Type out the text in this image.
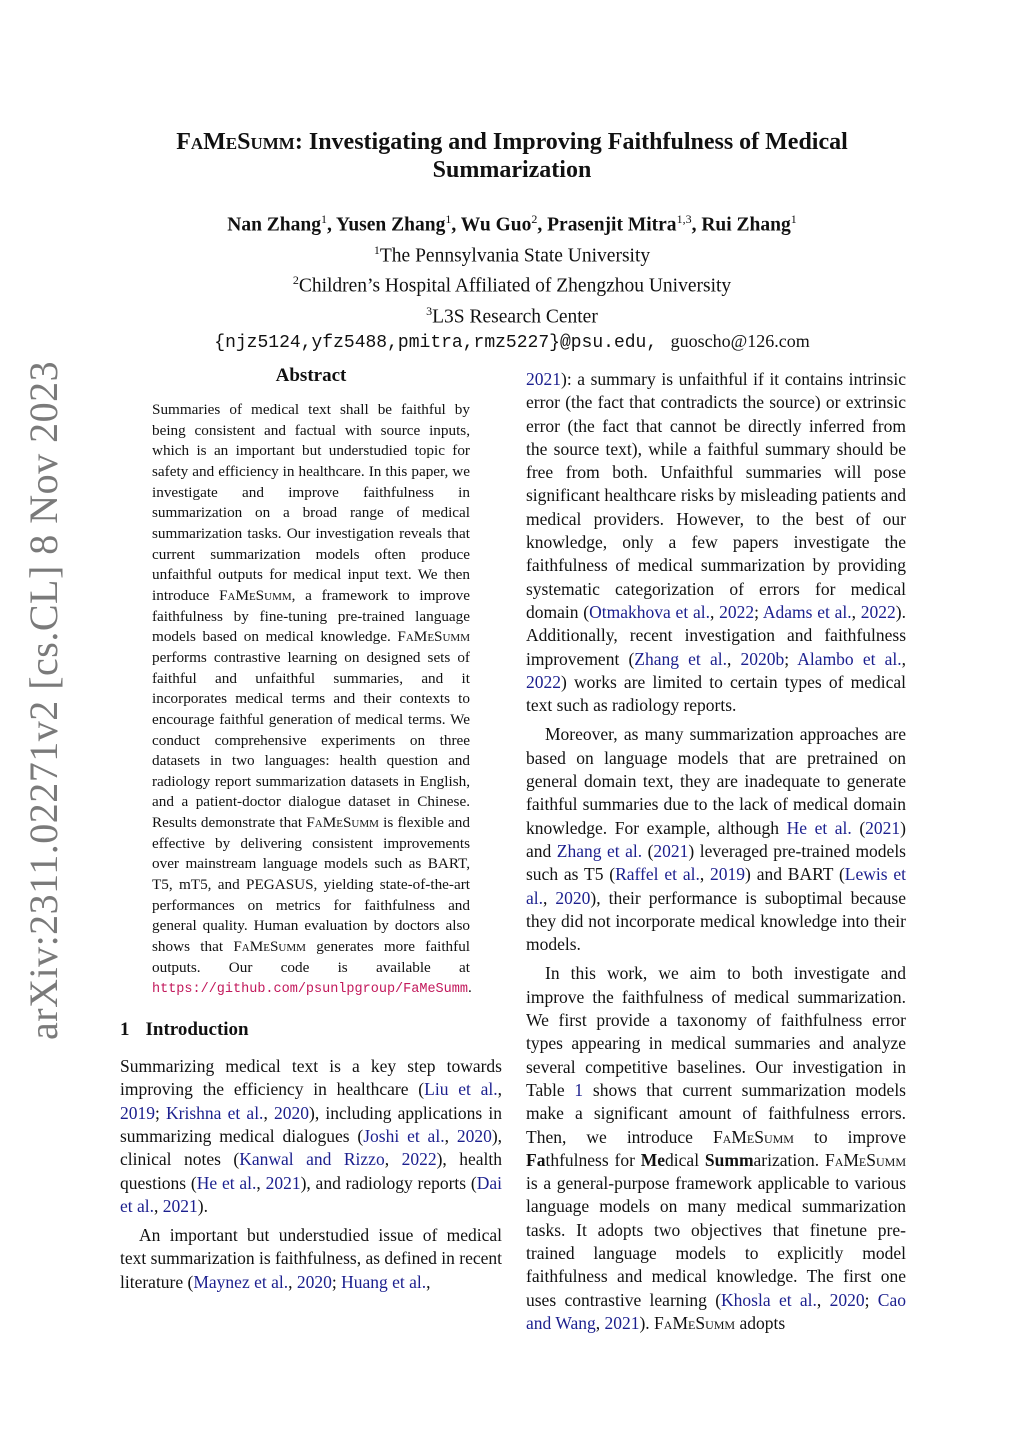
arXiv:2311.02271v2 [cs.CL] 8 Nov 2023
FaMeSumm: Investigating and Improving Faithfulness of Medical Summarization
Nan Zhang$^1$, Yusen Zhang$^1$, Wu Guo$^2$, Prasenjit Mitra$^{1,3}$, Rui Zhang$^1$
$^1$The Pennsylvania State University
$^2$Children’s Hospital Affiliated of Zhengzhou University
$^3$L3S Research Center
{njz5124,yfz5488,pmitra,rmz5227}@psu.edu, guoscho@126.com
Abstract
Summaries of medical text shall be faithful by being consistent and factual with source inputs, which is an important but understudied topic for safety and efficiency in healthcare. In this paper, we investigate and improve faithfulness in summarization on a broad range of medical summarization tasks. Our investigation reveals that current summarization models often produce unfaithful outputs for medical input text. We then introduce FaMeSumm, a framework to improve faithfulness by fine-tuning pre-trained language models based on medical knowledge. FaMeSumm performs contrastive learning on designed sets of faithful and unfaithful summaries, and it incorporates medical terms and their contexts to encourage faithful generation of medical terms. We conduct comprehensive experiments on three datasets in two languages: health question and radiology report summarization datasets in English, and a patient-doctor dialogue dataset in Chinese. Results demonstrate that FaMeSumm is flexible and effective by delivering consistent improvements over mainstream language models such as BART, T5, mT5, and PEGASUS, yielding state-of-the-art performances on metrics for faithfulness and general quality. Human evaluation by doctors also shows that FaMeSumm generates more faithful outputs. Our code is available at https://github.com/psunlpgroup/FaMeSumm.
1 Introduction

Summarizing medical text is a key step towards improving the efficiency in healthcare (Liu et al., 2019; Krishna et al., 2020), including applications in summarizing medical dialogues (Joshi et al., 2020), clinical notes (Kanwal and Rizzo, 2022), health questions (He et al., 2021), and radiology reports (Dai et al., 2021).

An important but understudied issue of medical text summarization is faithfulness, as defined in recent literature (Maynez et al., 2020; Huang et al.,

2021): a summary is unfaithful if it contains intrinsic error (the fact that contradicts the source) or extrinsic error (the fact that cannot be directly inferred from the source text), while a faithful summary should be free from both. Unfaithful summaries will pose significant healthcare risks by misleading patients and medical providers. However, to the best of our knowledge, only a few papers investigate the faithfulness of medical summarization by providing systematic categorization of errors for medical domain (Otmakhova et al., 2022; Adams et al., 2022). Additionally, recent investigation and faithfulness improvement (Zhang et al., 2020b; Alambo et al., 2022) works are limited to certain types of medical text such as radiology reports.

Moreover, as many summarization approaches are based on language models that are pretrained on general domain text, they are inadequate to generate faithful summaries due to the lack of medical domain knowledge. For example, although He et al. (2021) and Zhang et al. (2021) leveraged pre-trained models such as T5 (Raffel et al., 2019) and BART (Lewis et al., 2020), their performance is suboptimal because they did not incorporate medical knowledge into their models.

In this work, we aim to both investigate and improve the faithfulness of medical summarization. We first provide a taxonomy of faithfulness error types appearing in medical summaries and analyze several competitive baselines. Our investigation in Table 1 shows that current summarization models make a significant amount of faithfulness errors. Then, we introduce FaMeSumm to improve Fathfulness for Medical Summarization. FaMeSumm is a general-purpose framework applicable to various language models on many medical summarization tasks. It adopts two objectives that finetune pre-trained language models to explicitly model faithfulness and medical knowledge. The first one uses contrastive learning (Khosla et al., 2020; Cao and Wang, 2021). FaMeSumm adopts
